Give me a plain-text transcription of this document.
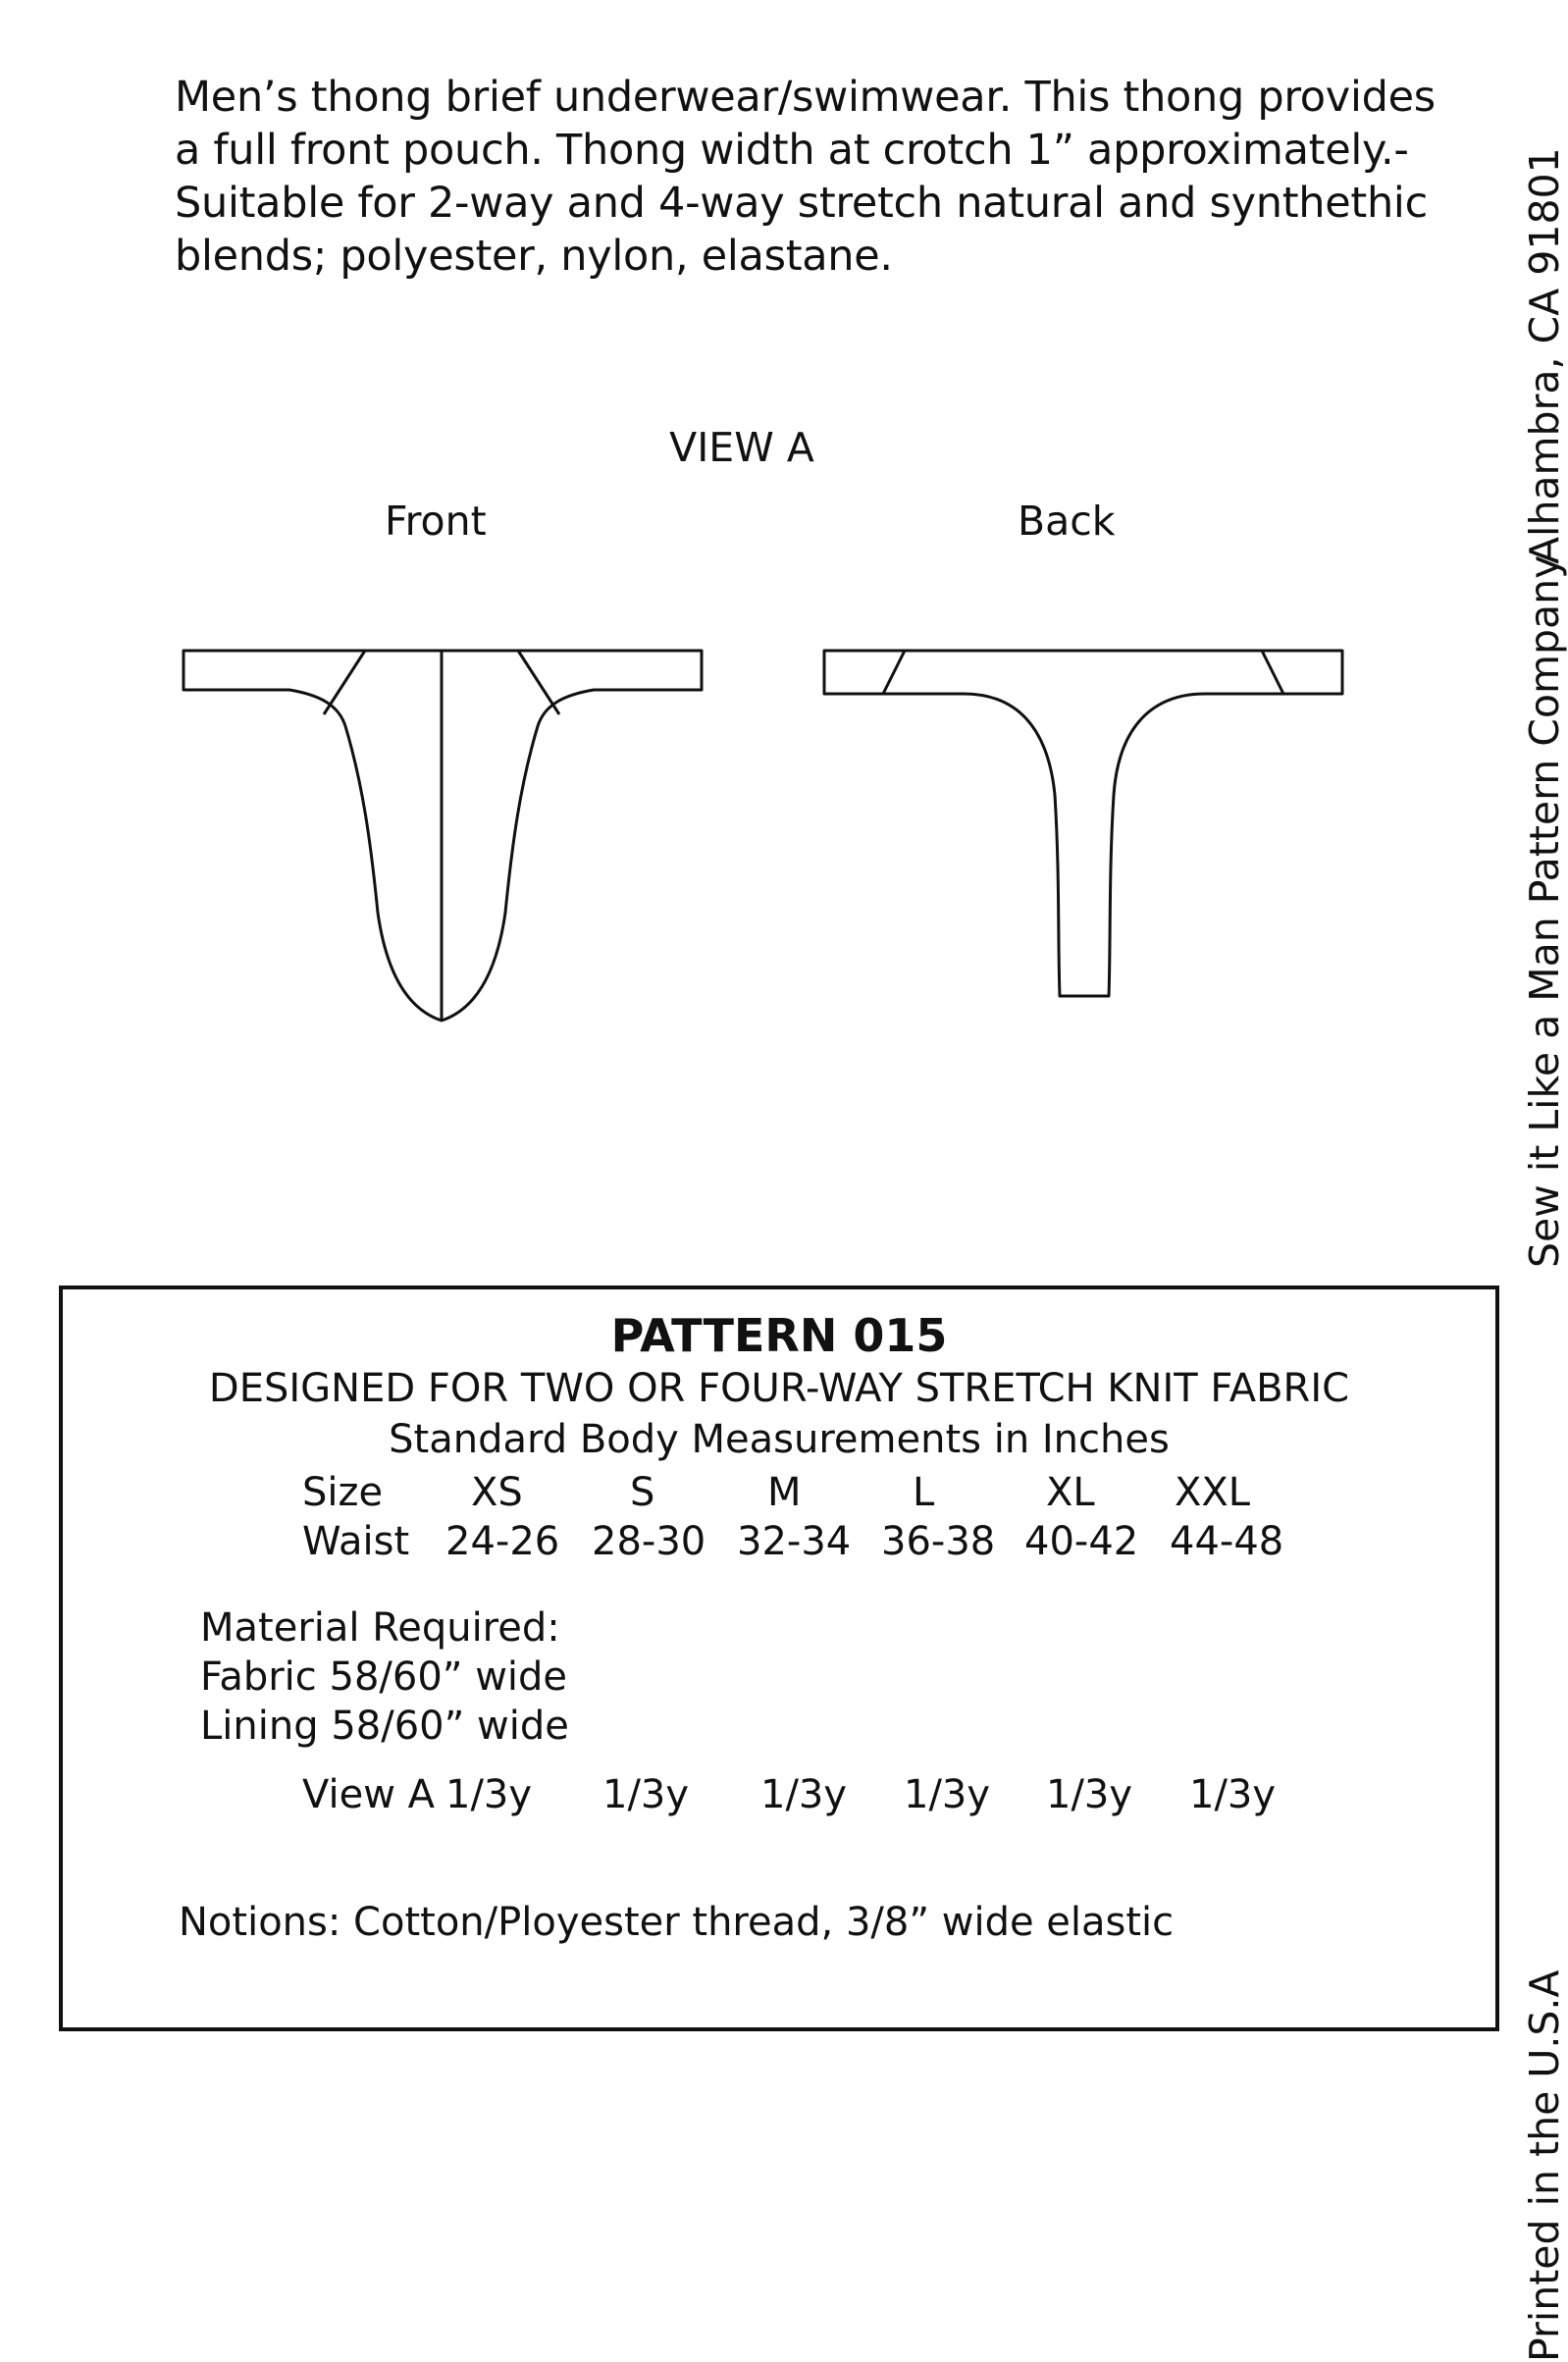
Men’s thong brief underwear/swimwear. This thong provides
a full front pouch. Thong width at crotch 1” approximately.-
Suitable for 2-way and 4-way stretch natural and synthethic
blends; polyester, nylon, elastane.
VIEW A
Front	Back	Alhambra, CA 91801
Sew it Like a Man Pattern Company
Printed in the U.S.A
PATTERN 015
DESIGNED FOR TWO OR FOUR-WAY STRETCH KNIT FABRIC
Standard Body Measurements in Inches
Size XS	S	M	L	XL XXL
Waist 24-26 28-30 32-34 36-38 40-42 44-48
Material Required:
Fabric 58/60” wide
Lining 58/60” wide
View A 1/3y 1/3y 1/3y 1/3y 1/3y 1/3y
Notions: Cotton/Ployester thread, 3/8” wide elastic
